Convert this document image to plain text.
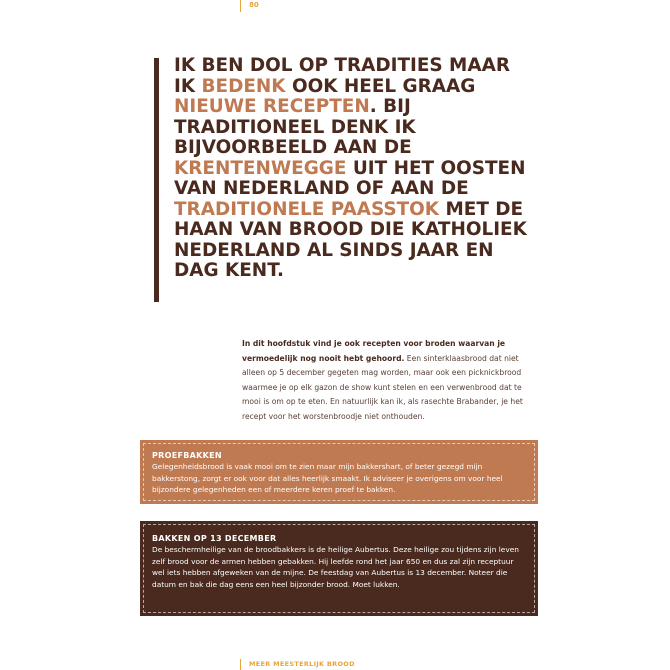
80

IK BEN DOL OP TRADITIES MAAR IK BEDENK OOK HEEL GRAAG NIEUWE RECEPTEN. BIJ TRADITIONEEL DENK IK BIJVOORBEELD AAN DE KRENTENWEGGE UIT HET OOSTEN VAN NEDERLAND OF AAN DE TRADITIONELE PAASSTOK MET DE HAAN VAN BROOD DIE KATHOLIEK NEDERLAND AL SINDS JAAR EN DAG KENT.

In dit hoofdstuk vind je ook recepten voor broden waarvan je vermoedelijk nog nooit hebt gehoord. Een sinterklaasbrood dat niet alleen op 5 december gegeten mag worden, maar ook een picknickbrood waarmee je op elk gazon de show kunt stelen en een verwenbrood dat te mooi is om op te eten. En natuurlijk kan ik, als rasechte Brabander, je het recept voor het worstenbroodje niet onthouden.

PROEFBAKKEN

Gelegenheidsbrood is vaak mooi om te zien maar mijn bakkershart, of beter gezegd mijn bakkerstong, zorgt er ook voor dat alles heerlijk smaakt. Ik adviseer je overigens om voor heel bijzondere gelegenheden een of meerdere keren proef te bakken.

BAKKEN OP 13 DECEMBER

De beschermheilige van de broodbakkers is de heilige Aubertus. Deze heilige zou tijdens zijn leven zelf brood voor de armen hebben gebakken. Hij leefde rond het jaar 650 en dus zal zijn receptuur wel iets hebben afgeweken van de mijne. De feestdag van Aubertus is 13 december. Noteer die datum en bak die dag eens een heel bijzonder brood. Moet lukken.

MEER MEESTERLIJK BROOD
